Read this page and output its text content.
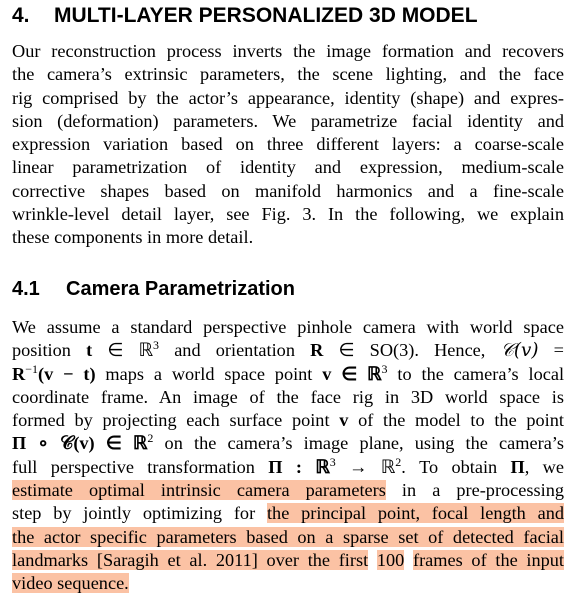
4. MULTI-LAYER PERSONALIZED 3D MODEL
Our reconstruction process inverts the image formation and recovers
the camera’s extrinsic parameters, the scene lighting, and the face
rig comprised by the actor’s appearance, identity (shape) and expres-
sion (deformation) parameters. We parametrize facial identity and
expression variation based on three different layers: a coarse-scale
linear parametrization of identity and expression, medium-scale
corrective shapes based on manifold harmonics and a fine-scale
wrinkle-level detail layer, see Fig. 3. In the following, we explain
these components in more detail.
4.1 Camera Parametrization
We assume a standard perspective pinhole camera with world space
position t ∈ ℝ$^3$ and orientation R ∈ SO(3). Hence, 𝒞(v) =
$R^{-1}(v - t)$ maps a world space point v ∈ ℝ$^3$ to the camera’s local
coordinate frame. An image of the face rig in 3D world space is
formed by projecting each surface point v of the model to the point
Π ∘ 𝒞(v) ∈ ℝ$^2$ on the camera’s image plane, using the camera’s
full perspective transformation Π : ℝ$^3$ → ℝ$^2$. To obtain Π, we
estimate optimal intrinsic camera parameters in a pre-processing
step by jointly optimizing for the principal point, focal length and
the actor specific parameters based on a sparse set of detected facial
landmarks [Saragih et al. 2011] over the first 100 frames of the input
video sequence.
